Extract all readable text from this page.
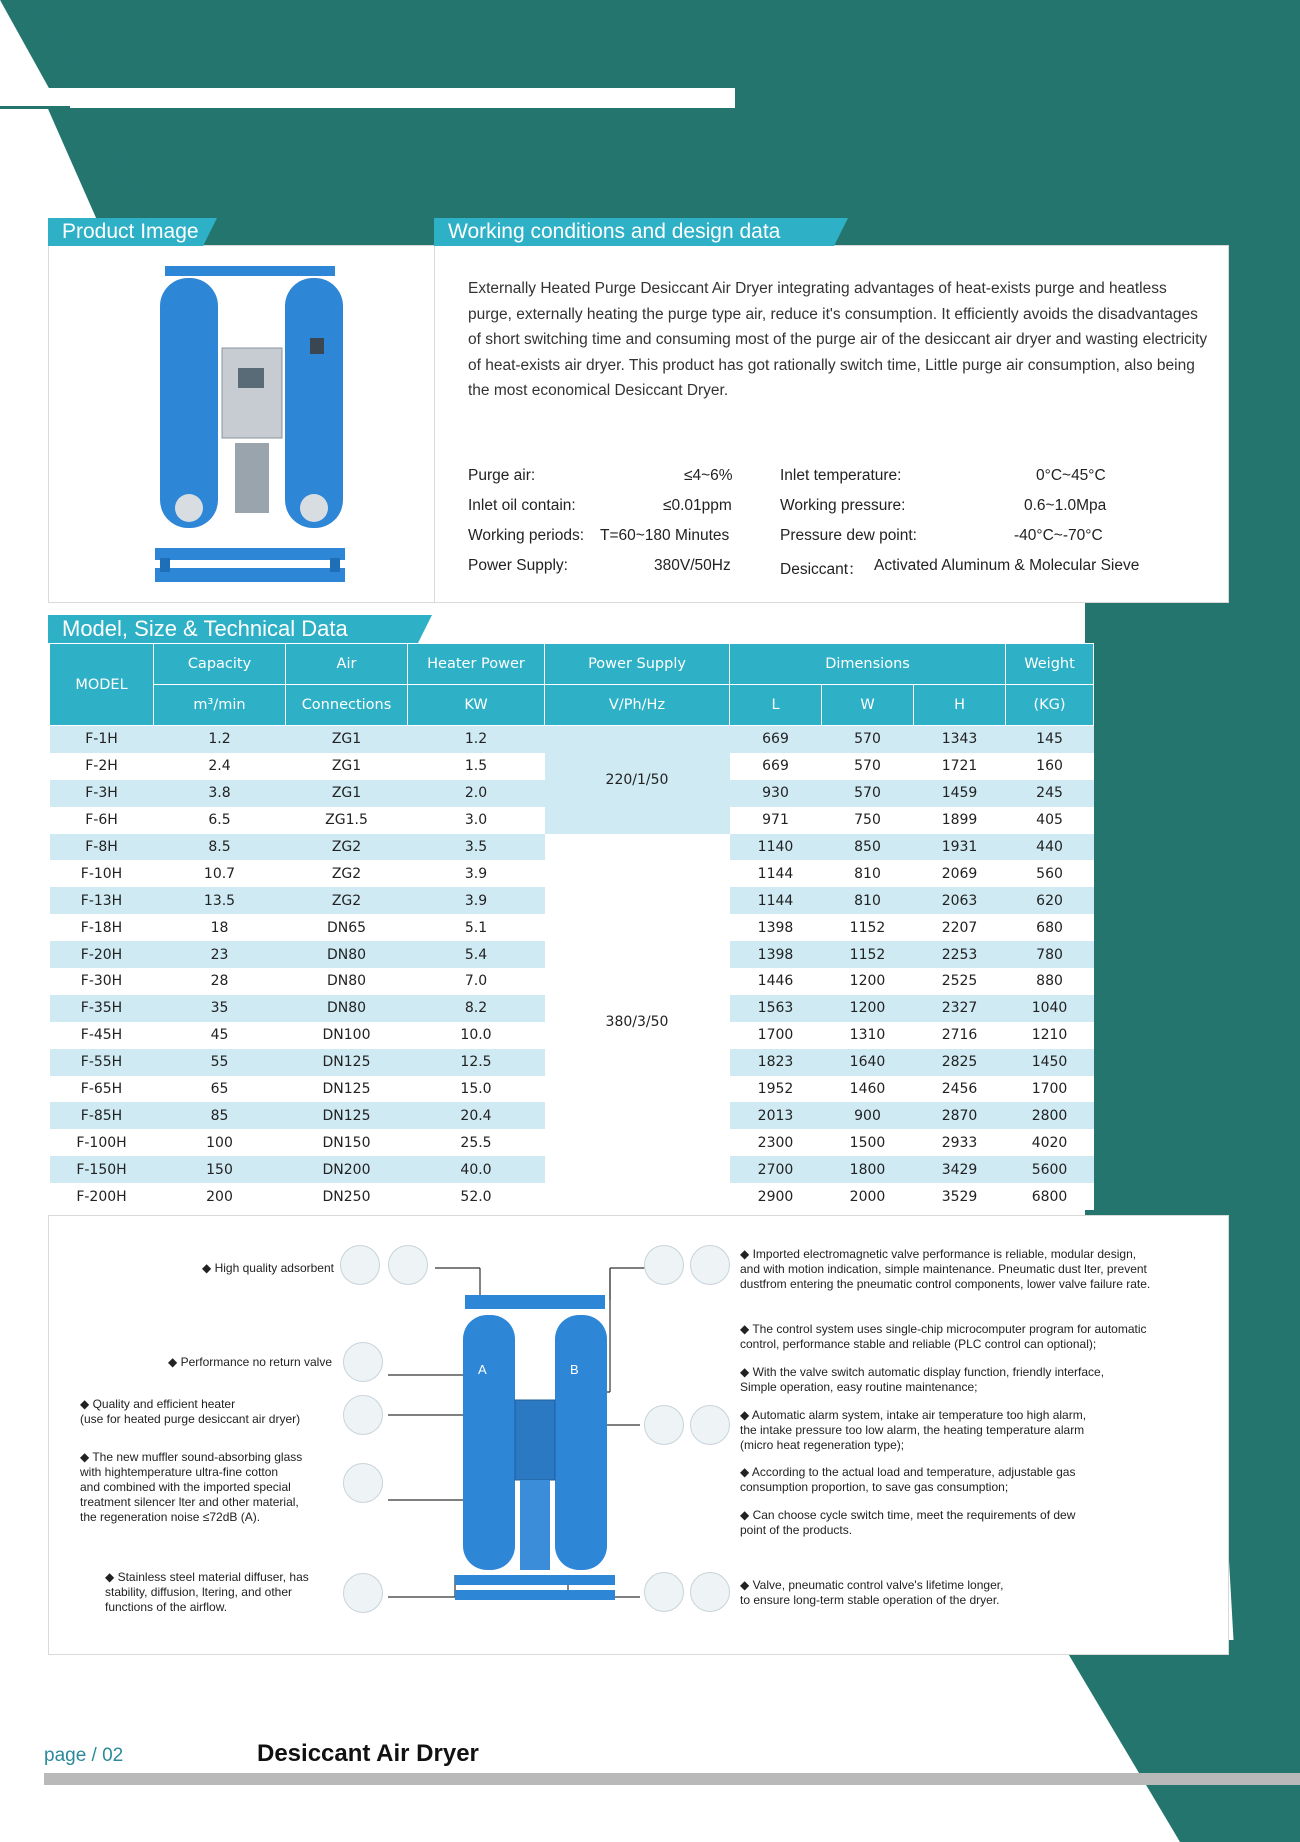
Product Image	Working conditions and design data
Externally Heated Purge Desiccant Air Dryer integrating advantages of heat-exists purge and heatless purge, externally heating the purge type air, reduce it's consumption. It efficiently avoids the disadvantages of short switching time and consuming most of the purge air of the desiccant air dryer and wasting electricity of heat-exists air dryer. This product has got rationally switch time, Little purge air consumption, also being the most economical Desiccant Dryer.
Purge air:	≤4~6%
Inlet oil contain:	≤0.01ppm
Working periods: T=60~180 Minutes
Power Supply:	380V/50Hz
Inlet temperature:	0°C~45°C
Working pressure:	0.6~1.0Mpa
Pressure dew point:	-40°C~-70°C
Desiccant： Activated Aluminum & Molecular Sieve
Model, Size & Technical Data
MODEL	Capacity	Air	Heater Power	Power Supply	Dimensions			Weight
	m³/min	Connections	KW	V/Ph/Hz	L	W	H	(KG)
F-1H	1.2	ZG1	1.2	220/1/50	669	570	1343	145
F-2H	2.4	ZG1	1.5		669	570	1721	160
F-3H	3.8	ZG1	2.0		930	570	1459	245
F-6H	6.5	ZG1.5	3.0		971	750	1899	405
F-8H	8.5	ZG2	3.5	380/3/50	1140	850	1931	440
F-10H	10.7	ZG2	3.9		1144	810	2069	560
F-13H	13.5	ZG2	3.9		1144	810	2063	620
F-18H	18	DN65	5.1		1398	1152	2207	680
F-20H	23	DN80	5.4		1398	1152	2253	780
F-30H	28	DN80	7.0		1446	1200	2525	880
F-35H	35	DN80	8.2		1563	1200	2327	1040
F-45H	45	DN100	10.0		1700	1310	2716	1210
F-55H	55	DN125	12.5		1823	1640	2825	1450
F-65H	65	DN125	15.0		1952	1460	2456	1700
F-85H	85	DN125	20.4		2013	900	2870	2800
F-100H	100	DN150	25.5		2300	1500	2933	4020
F-150H	150	DN200	40.0		2700	1800	3429	5600
F-200H	200	DN250	52.0		2900	2000	3529	6800
A	B
◆ High quality adsorbent
◆ Performance no return valve
◆ Quality and efficient heater
(use for heated purge desiccant air dryer)
◆ The new muffler sound-absorbing glass
with hightemperature ultra-fine cotton
and combined with the imported special
treatment silencer lter and other material,
the regeneration noise ≤72dB (A).
◆ Stainless steel material diffuser, has
stability, diffusion, ltering, and other
functions of the airflow.
◆ Imported electromagnetic valve performance is reliable, modular design,
and with motion indication, simple maintenance. Pneumatic dust lter, prevent
dustfrom entering the pneumatic control components, lower valve failure rate.
◆ The control system uses single-chip microcomputer program for automatic
control, performance stable and reliable (PLC control can optional);
◆ With the valve switch automatic display function, friendly interface,
Simple operation, easy routine maintenance;
◆ Automatic alarm system, intake air temperature too high alarm,
the intake pressure too low alarm, the heating temperature alarm
(micro heat regeneration type);
◆ According to the actual load and temperature, adjustable gas
consumption proportion, to save gas consumption;
◆ Can choose cycle switch time, meet the requirements of dew
point of the products.
◆ Valve, pneumatic control valve's lifetime longer,
to ensure long-term stable operation of the dryer.
page / 02	Desiccant Air Dryer
